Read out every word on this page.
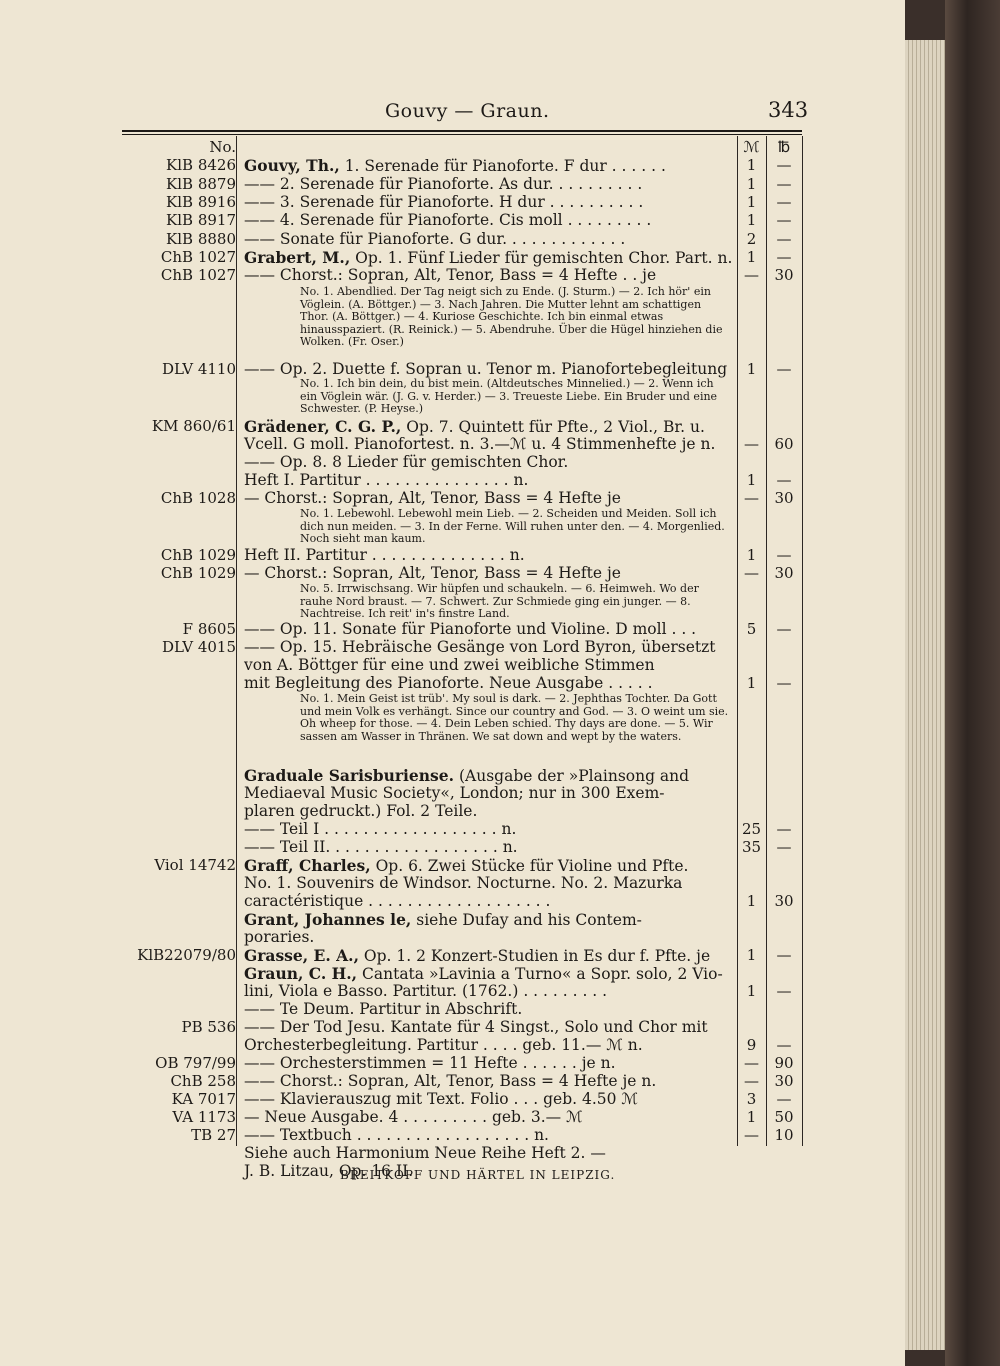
Gouvy — Graun.	343
No.
KlB 8426
KlB 8879
KlB 8916
KlB 8917
KlB 8880
ChB 1027
ChB 1027
DLV 4110
KM 860/61
ChB 1028
ChB 1029
ChB 1029
F 8605
DLV 4015
Viol 14742
KlB22079/80
PB 536
OB 797/99
ChB 258
KA 7017
VA 1173
TB 27
Gouvy, Th., 1. Serenade für Pianoforte. F dur . . . . . .
—— 2. Serenade für Pianoforte. As dur. . . . . . . . . .
—— 3. Serenade für Pianoforte. H dur . . . . . . . . . .
—— 4. Serenade für Pianoforte. Cis moll . . . . . . . . .
—— Sonate für Pianoforte. G dur. . . . . . . . . . . . .
Grabert, M., Op. 1. Fünf Lieder für gemischten Chor. Part. n.
—— Chorst.: Sopran, Alt, Tenor, Bass = 4 Hefte . . je
—— Op. 2. Duette f. Sopran u. Tenor m. Pianofortebegleitung
Grädener, C. G. P., Op. 7. Quintett für Pfte., 2 Viol., Br. u.
Vcell. G moll. Pianofortest. n. 3.—ℳ u. 4 Stimmenhefte je n.
—— Op. 8. 8 Lieder für gemischten Chor.
Heft I. Partitur . . . . . . . . . . . . . . . n.
— Chorst.: Sopran, Alt, Tenor, Bass = 4 Hefte je
Heft II. Partitur . . . . . . . . . . . . . . n.
— Chorst.: Sopran, Alt, Tenor, Bass = 4 Hefte je
—— Op. 11. Sonate für Pianoforte und Violine. D moll . . .
—— Op. 15. Hebräische Gesänge von Lord Byron, übersetzt
von A. Böttger für eine und zwei weibliche Stimmen
mit Begleitung des Pianoforte. Neue Ausgabe . . . . .
Graduale Sarisburiense. (Ausgabe der »Plainsong and
Mediaeval Music Society«, London; nur in 300 Exem-
plaren gedruckt.) Fol. 2 Teile.
—— Teil I . . . . . . . . . . . . . . . . . . n.
—— Teil II. . . . . . . . . . . . . . . . . . n.
Graff, Charles, Op. 6. Zwei Stücke für Violine und Pfte.
No. 1. Souvenirs de Windsor. Nocturne. No. 2. Mazurka
caractéristique . . . . . . . . . . . . . . . . . . .
Grant, Johannes le, siehe Dufay and his Contem-
poraries.
Grasse, E. A., Op. 1. 2 Konzert-Studien in Es dur f. Pfte. je
Graun, C. H., Cantata »Lavinia a Turno« a Sopr. solo, 2 Vio-
lini, Viola e Basso. Partitur. (1762.) . . . . . . . . .
—— Te Deum. Partitur in Abschrift.
—— Der Tod Jesu. Kantate für 4 Singst., Solo und Chor mit
Orchesterbegleitung. Partitur . . . . geb. 11.— ℳ n.
—— Orchesterstimmen = 11 Hefte . . . . . . je n.
—— Chorst.: Sopran, Alt, Tenor, Bass = 4 Hefte je n.
—— Klavierauszug mit Text. Folio . . . geb. 4.50 ℳ
— Neue Ausgabe. 4 . . . . . . . . . geb. 3.— ℳ
—— Textbuch . . . . . . . . . . . . . . . . . . n.
Siehe auch Harmonium Neue Reihe Heft 2. —
J. B. Litzau, Op. 16 II.
No. 1. Abendlied. Der Tag neigt sich zu Ende. (J. Sturm.) — 2. Ich hör' ein Vöglein. (A. Böttger.) — 3. Nach Jahren. Die Mutter lehnt am schattigen Thor. (A. Böttger.) — 4. Kuriose Geschichte. Ich bin einmal etwas hinausspaziert. (R. Reinick.) — 5. Abendruhe. Über die Hügel hinziehen die Wolken. (Fr. Oser.)
No. 1. Ich bin dein, du bist mein. (Altdeutsches Minnelied.) — 2. Wenn ich ein Vöglein wär. (J. G. v. Herder.) — 3. Treueste Liebe. Ein Bruder und eine Schwester. (P. Heyse.)
No. 1. Lebewohl. Lebewohl mein Lieb. — 2. Scheiden und Meiden. Soll ich dich nun meiden. — 3. In der Ferne. Will ruhen unter den. — 4. Morgenlied. Noch sieht man kaum.
No. 5. Irrwischsang. Wir hüpfen und schaukeln. — 6. Heimweh. Wo der rauhe Nord braust. — 7. Schwert. Zur Schmiede ging ein junger. — 8. Nachtreise. Ich reit' in's finstre Land.
No. 1. Mein Geist ist trüb'. My soul is dark. — 2. Jephthas Tochter. Da Gott und mein Volk es verhängt. Since our country and God. — 3. O weint um sie. Oh wheep for those. — 4. Dein Leben schied. Thy days are done. — 5. Wir sassen am Wasser in Thränen. We sat down and wept by the waters.
ℳ
1
1
1
1
2
1
—
1
—
1
—
1
—
5
1
25
35
1
1
1
9
—
—
3
1
—
℔
—
—
—
—
—
—
30
—
60
—
30
—
30
—
—
—
—
30
—
—
—
90
30
—
50
10
BREITKOPF UND HÄRTEL IN LEIPZIG.
